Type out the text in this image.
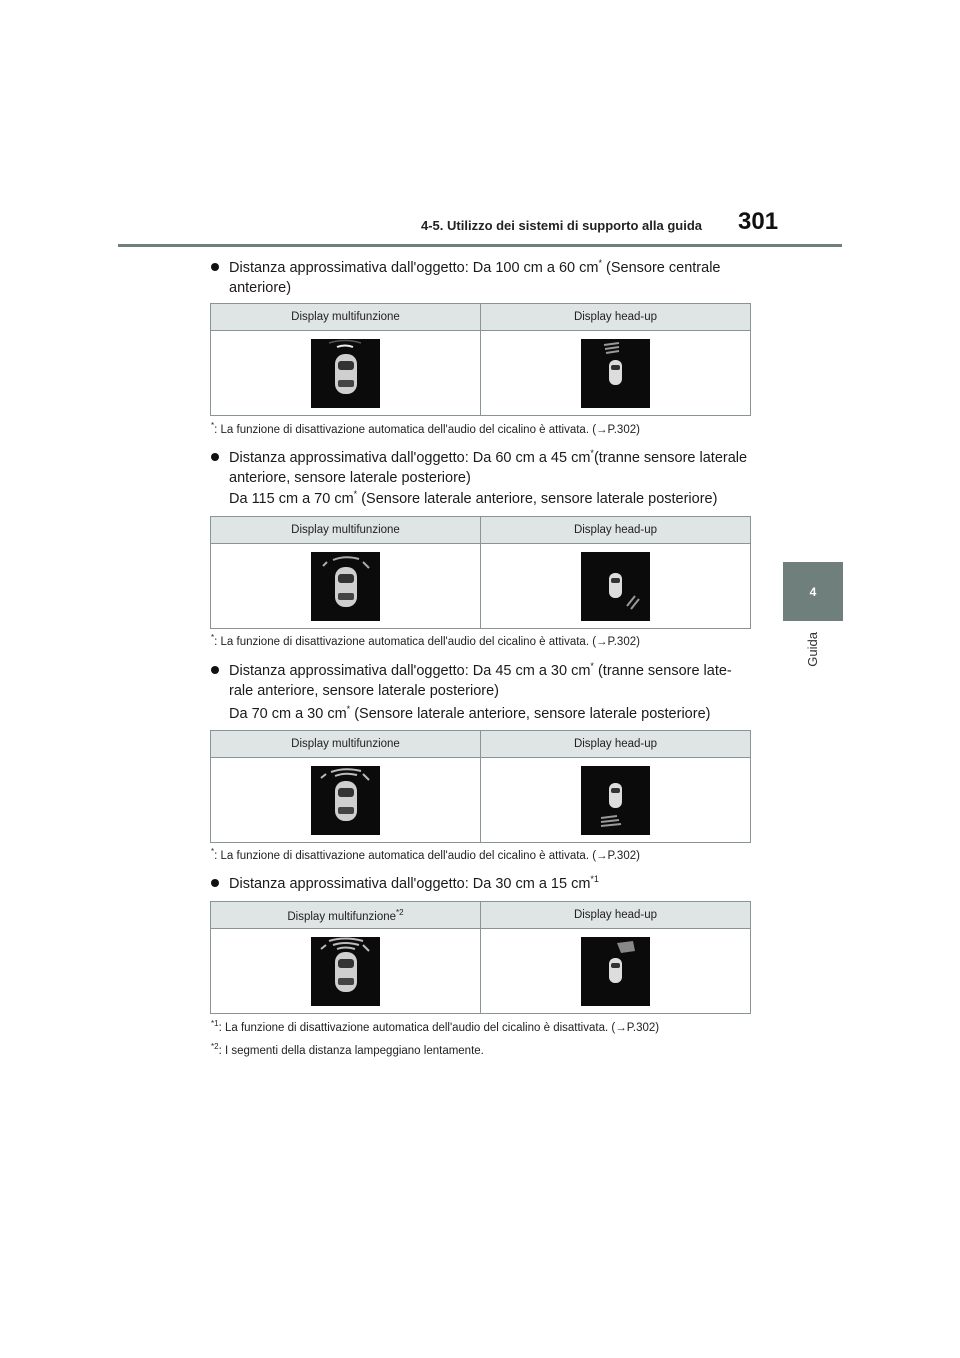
4-5. Utilizzo dei sistemi di supporto alla guida 301
4
Guida
Distanza approssimativa dall'oggetto: Da 100 cm a 60 cm* (Sensore centrale
anteriore)
Display multifunzione	Display head-up

*: La funzione di disattivazione automatica dell'audio del cicalino è attivata. (→P.302)
Distanza approssimativa dall'oggetto: Da 60 cm a 45 cm*(tranne sensore laterale
anteriore, sensore laterale posteriore)
Da 115 cm a 70 cm* (Sensore laterale anteriore, sensore laterale posteriore)
Display multifunzione	Display head-up

*: La funzione di disattivazione automatica dell'audio del cicalino è attivata. (→P.302)
Distanza approssimativa dall'oggetto: Da 45 cm a 30 cm* (tranne sensore late-
rale anteriore, sensore laterale posteriore)
Da 70 cm a 30 cm* (Sensore laterale anteriore, sensore laterale posteriore)
Display multifunzione	Display head-up

*: La funzione di disattivazione automatica dell'audio del cicalino è attivata. (→P.302)
Distanza approssimativa dall'oggetto: Da 30 cm a 15 $cm^{*1}$
Display multifunzione$^{*2}$	Display head-up

$^{*1}$: La funzione di disattivazione automatica dell'audio del cicalino è disattivata. (→P.302)
$^{*2}$: I segmenti della distanza lampeggiano lentamente.
